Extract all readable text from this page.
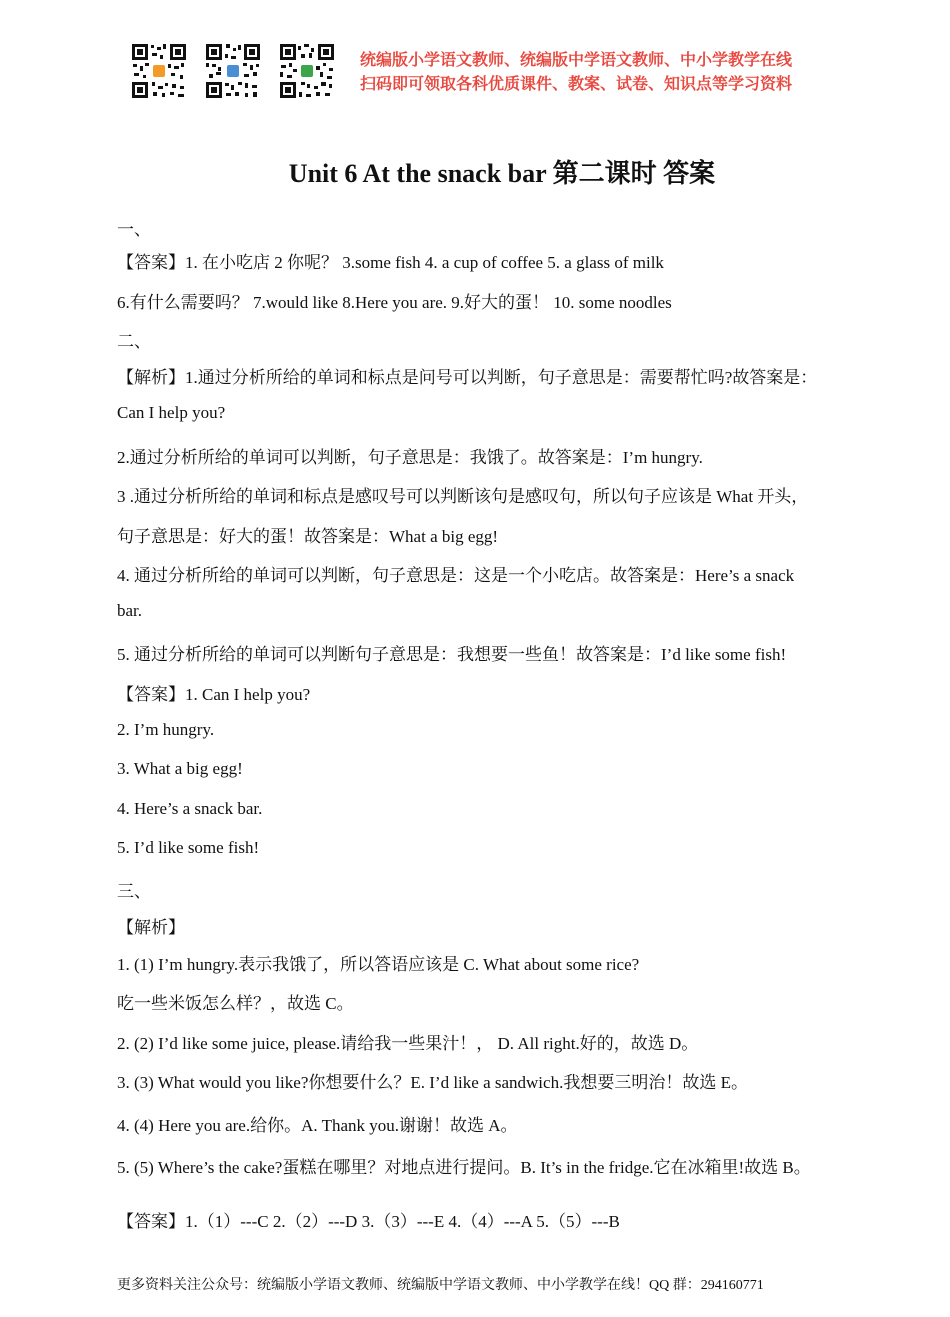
统编版小学语文教师、统编版中学语文教师、中小学教学在线
扫码即可领取各科优质课件、教案、试卷、知识点等学习资料
Unit 6 At the snack bar 第二课时 答案
一、
【答案】1. 在小吃店 2 你呢？ 3.some fish 4. a cup of coffee 5. a glass of milk
6.有什么需要吗？ 7.would like 8.Here you are. 9.好大的蛋！ 10. some noodles
二、
【解析】1.通过分析所给的单词和标点是问号可以判断，句子意思是：需要帮忙吗?故答案是：
Can I help you?
2.通过分析所给的单词可以判断，句子意思是：我饿了。故答案是：I’m hungry.
3 .通过分析所给的单词和标点是感叹号可以判断该句是感叹句，所以句子应该是 What 开头，
句子意思是：好大的蛋！故答案是：What a big egg!
4. 通过分析所给的单词可以判断，句子意思是：这是一个小吃店。故答案是：Here’s a snack
bar.
5. 通过分析所给的单词可以判断句子意思是：我想要一些鱼！故答案是：I’d like some fish!
【答案】1. Can I help you?
2. I’m hungry.
3. What a big egg!
4. Here’s a snack bar.
5. I’d like some fish!
三、
【解析】
1. (1) I’m hungry.表示我饿了，所以答语应该是 C. What about some rice?
吃一些米饭怎么样？，故选 C。
2. (2) I’d like some juice, please.请给我一些果汁！， D. All right.好的，故选 D。
3. (3) What would you like?你想要什么？E. I’d like a sandwich.我想要三明治！故选 E。
4. (4) Here you are.给你。A. Thank you.谢谢！故选 A。
5. (5) Where’s the cake?蛋糕在哪里？对地点进行提问。B. It’s in the fridge.它在冰箱里!故选 B。
【答案】1.（1）---C 2.（2）---D 3.（3）---E 4.（4）---A 5.（5）---B
更多资料关注公众号：统编版小学语文教师、统编版中学语文教师、中小学教学在线！QQ 群：294160771
